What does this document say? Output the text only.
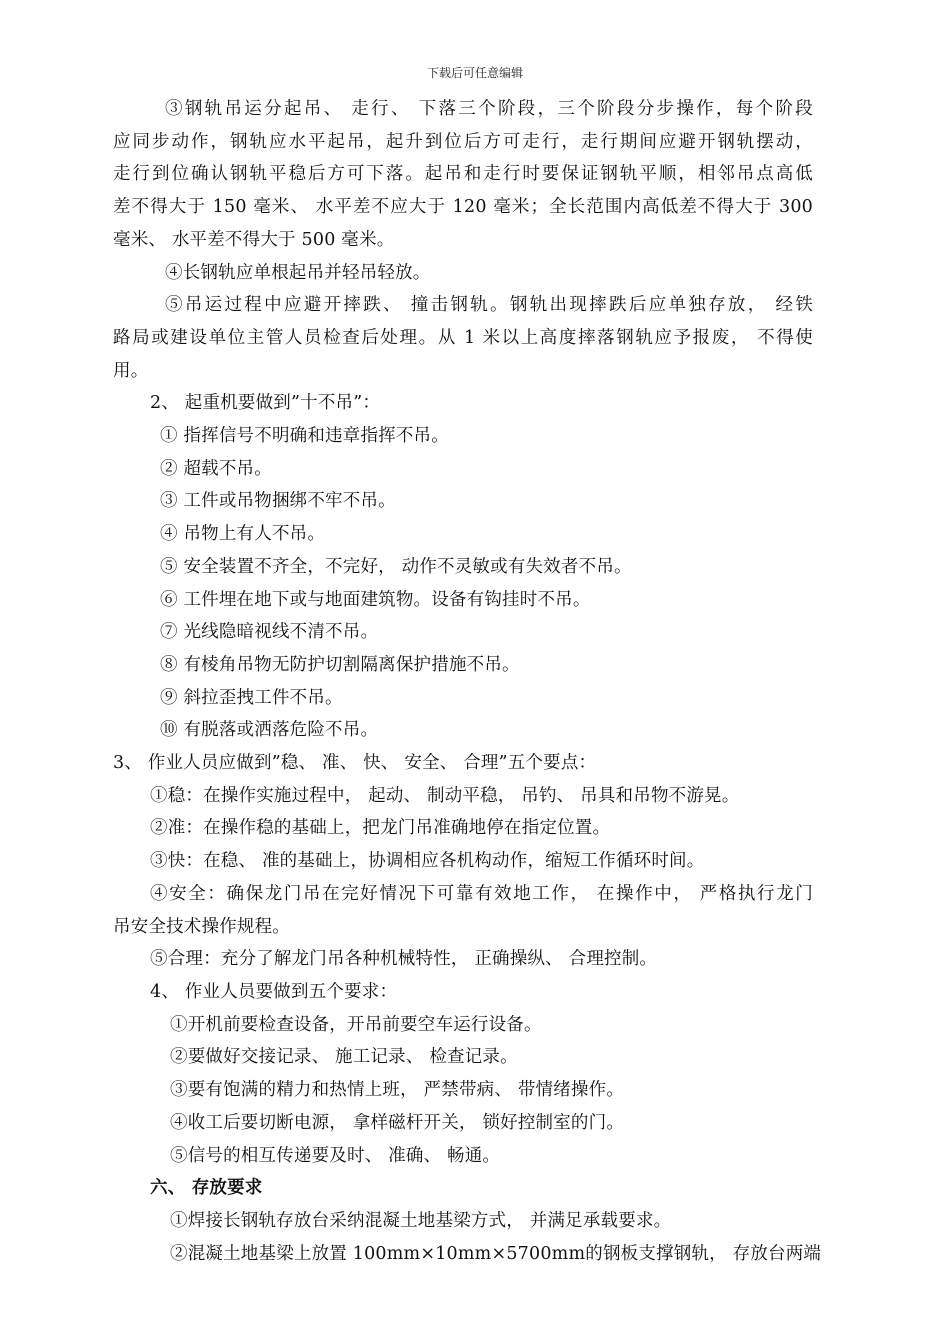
下载后可任意编辑
③钢轨吊运分起吊、 走行、 下落三个阶段，三个阶段分步操作，每个阶段
应同步动作，钢轨应水平起吊，起升到位后方可走行，走行期间应避开钢轨摆动，
走行到位确认钢轨平稳后方可下落。起吊和走行时要保证钢轨平顺，相邻吊点高低
差不得大于 150 毫米、 水平差不应大于 120 毫米；全长范围内高低差不得大于 300
毫米、 水平差不得大于 500 毫米。
④长钢轨应单根起吊并轻吊轻放。
⑤吊运过程中应避开摔跌、 撞击钢轨。钢轨出现摔跌后应单独存放， 经铁
路局或建设单位主管人员检查后处理。从 1 米以上高度摔落钢轨应予报废， 不得使
用。
2、 起重机要做到”十不吊”：
① 指挥信号不明确和违章指挥不吊。
② 超载不吊。
③ 工件或吊物捆绑不牢不吊。
④ 吊物上有人不吊。
⑤ 安全装置不齐全，不完好， 动作不灵敏或有失效者不吊。
⑥ 工件埋在地下或与地面建筑物。设备有钩挂时不吊。
⑦ 光线隐暗视线不清不吊。
⑧ 有棱角吊物无防护切割隔离保护措施不吊。
⑨ 斜拉歪拽工件不吊。
⑩ 有脱落或洒落危险不吊。
3、 作业人员应做到”稳、 准、 快、 安全、 合理”五个要点：
①稳：在操作实施过程中， 起动、 制动平稳， 吊钓、 吊具和吊物不游晃。
②准：在操作稳的基础上，把龙门吊准确地停在指定位置。
③快：在稳、 准的基础上，协调相应各机构动作，缩短工作循环时间。
④安全：确保龙门吊在完好情况下可靠有效地工作， 在操作中， 严格执行龙门
吊安全技术操作规程。
⑤合理：充分了解龙门吊各种机械特性， 正确操纵、 合理控制。
4、 作业人员要做到五个要求：
①开机前要检查设备，开吊前要空车运行设备。
②要做好交接记录、 施工记录、 检查记录。
③要有饱满的精力和热情上班， 严禁带病、 带情绪操作。
④收工后要切断电源， 拿样磁杆开关， 锁好控制室的门。
⑤信号的相互传递要及时、 准确、 畅通。
六、 存放要求
①焊接长钢轨存放台采纳混凝土地基梁方式， 并满足承载要求。
②混凝土地基梁上放置 100mm×10mm×5700mm的钢板支撑钢轨， 存放台两端
